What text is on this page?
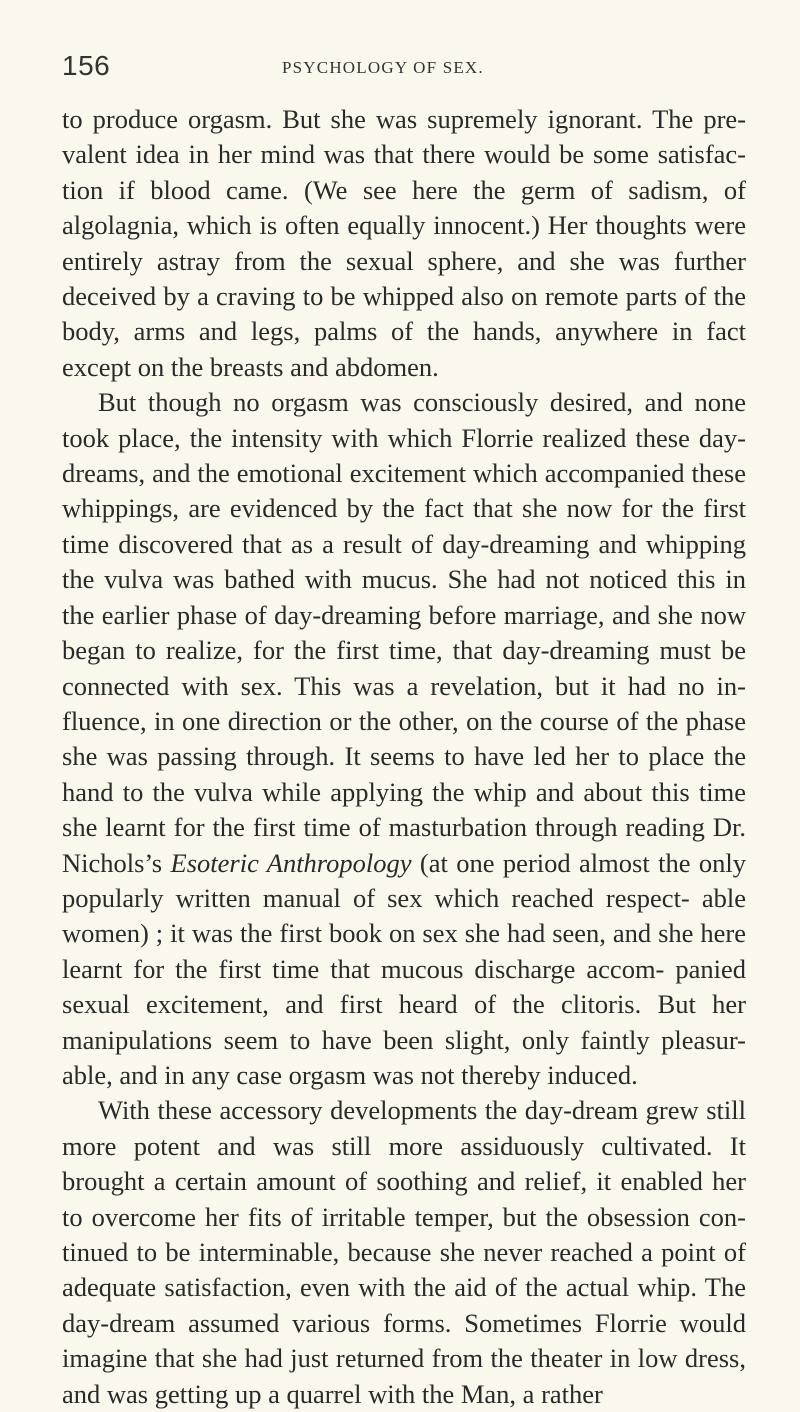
156	PSYCHOLOGY OF SEX.

to produce orgasm. But she was supremely ignorant. The pre- valent idea in her mind was that there would be some satisfac- tion if blood came. (We see here the germ of sadism, of algolagnia, which is often equally innocent.) Her thoughts were entirely astray from the sexual sphere, and she was further deceived by a craving to be whipped also on remote parts of the body, arms and legs, palms of the hands, anywhere in fact except on the breasts and abdomen.

But though no orgasm was consciously desired, and none took place, the intensity with which Florrie realized these day- dreams, and the emotional excitement which accompanied these whippings, are evidenced by the fact that she now for the first time discovered that as a result of day-dreaming and whipping the vulva was bathed with mucus. She had not noticed this in the earlier phase of day-dreaming before marriage, and she now began to realize, for the first time, that day-dreaming must be connected with sex. This was a revelation, but it had no in- fluence, in one direction or the other, on the course of the phase she was passing through. It seems to have led her to place the hand to the vulva while applying the whip and about this time she learnt for the first time of masturbation through reading Dr. Nichols’s Esoteric Anthropology (at one period almost the only popularly written manual of sex which reached respect- able women) ; it was the first book on sex she had seen, and she here learnt for the first time that mucous discharge accom- panied sexual excitement, and first heard of the clitoris. But her manipulations seem to have been slight, only faintly pleasur- able, and in any case orgasm was not thereby induced.

With these accessory developments the day-dream grew still more potent and was still more assiduously cultivated. It brought a certain amount of soothing and relief, it enabled her to overcome her fits of irritable temper, but the obsession con- tinued to be interminable, because she never reached a point of adequate satisfaction, even with the aid of the actual whip. The day-dream assumed various forms. Sometimes Florrie would imagine that she had just returned from the theater in low dress, and was getting up a quarrel with the Man, a rather
